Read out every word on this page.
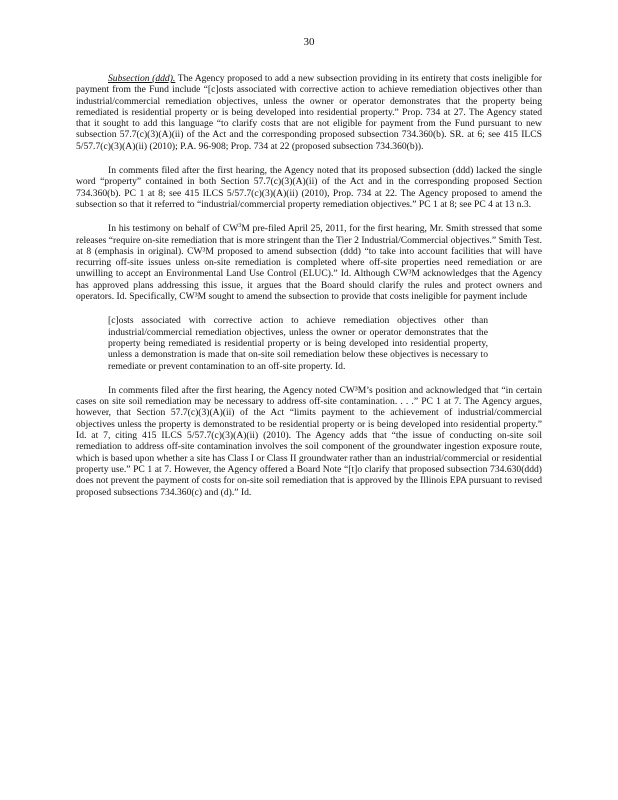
30

Subsection (ddd). The Agency proposed to add a new subsection providing in its entirety that costs ineligible for payment from the Fund include “[c]osts associated with corrective action to achieve remediation objectives other than industrial/commercial remediation objectives, unless the owner or operator demonstrates that the property being remediated is residential property or is being developed into residential property.” Prop. 734 at 27. The Agency stated that it sought to add this language “to clarify costs that are not eligible for payment from the Fund pursuant to new subsection 57.7(c)(3)(A)(ii) of the Act and the corresponding proposed subsection 734.360(b). SR. at 6; see 415 ILCS 5/57.7(c)(3)(A)(ii) (2010); P.A. 96-908; Prop. 734 at 22 (proposed subsection 734.360(b)).

In comments filed after the first hearing, the Agency noted that its proposed subsection (ddd) lacked the single word “property” contained in both Section 57.7(c)(3)(A)(ii) of the Act and in the corresponding proposed Section 734.360(b). PC 1 at 8; see 415 ILCS 5/57.7(c)(3)(A)(ii) (2010), Prop. 734 at 22. The Agency proposed to amend the subsection so that it referred to “industrial/commercial property remediation objectives.” PC 1 at 8; see PC 4 at 13 n.3.

In his testimony on behalf of $CW^3M$ pre-filed April 25, 2011, for the first hearing, Mr. Smith stressed that some releases “require on-site remediation that is more stringent than the Tier 2 Industrial/Commercial objectives.” Smith Test. at 8 (emphasis in original). CW³M proposed to amend subsection (ddd) “to take into account facilities that will have recurring off-site issues unless on-site remediation is completed where off-site properties need remediation or are unwilling to accept an Environmental Land Use Control (ELUC).” Id. Although CW³M acknowledges that the Agency has approved plans addressing this issue, it argues that the Board should clarify the rules and protect owners and operators. Id. Specifically, CW³M sought to amend the subsection to provide that costs ineligible for payment include

[c]osts associated with corrective action to achieve remediation objectives other than industrial/commercial remediation objectives, unless the owner or operator demonstrates that the property being remediated is residential property or is being developed into residential property, unless a demonstration is made that on-site soil remediation below these objectives is necessary to remediate or prevent contamination to an off-site property. Id.

In comments filed after the first hearing, the Agency noted CW³M’s position and acknowledged that “in certain cases on site soil remediation may be necessary to address off-site contamination. . . .” PC 1 at 7. The Agency argues, however, that Section 57.7(c)(3)(A)(ii) of the Act “limits payment to the achievement of industrial/commercial objectives unless the property is demonstrated to be residential property or is being developed into residential property.” Id. at 7, citing 415 ILCS 5/57.7(c)(3)(A)(ii) (2010). The Agency adds that “the issue of conducting on-site soil remediation to address off-site contamination involves the soil component of the groundwater ingestion exposure route, which is based upon whether a site has Class I or Class II groundwater rather than an industrial/commercial or residential property use.” PC 1 at 7. However, the Agency offered a Board Note “[t]o clarify that proposed subsection 734.630(ddd) does not prevent the payment of costs for on-site soil remediation that is approved by the Illinois EPA pursuant to revised proposed subsections 734.360(c) and (d).” Id.
